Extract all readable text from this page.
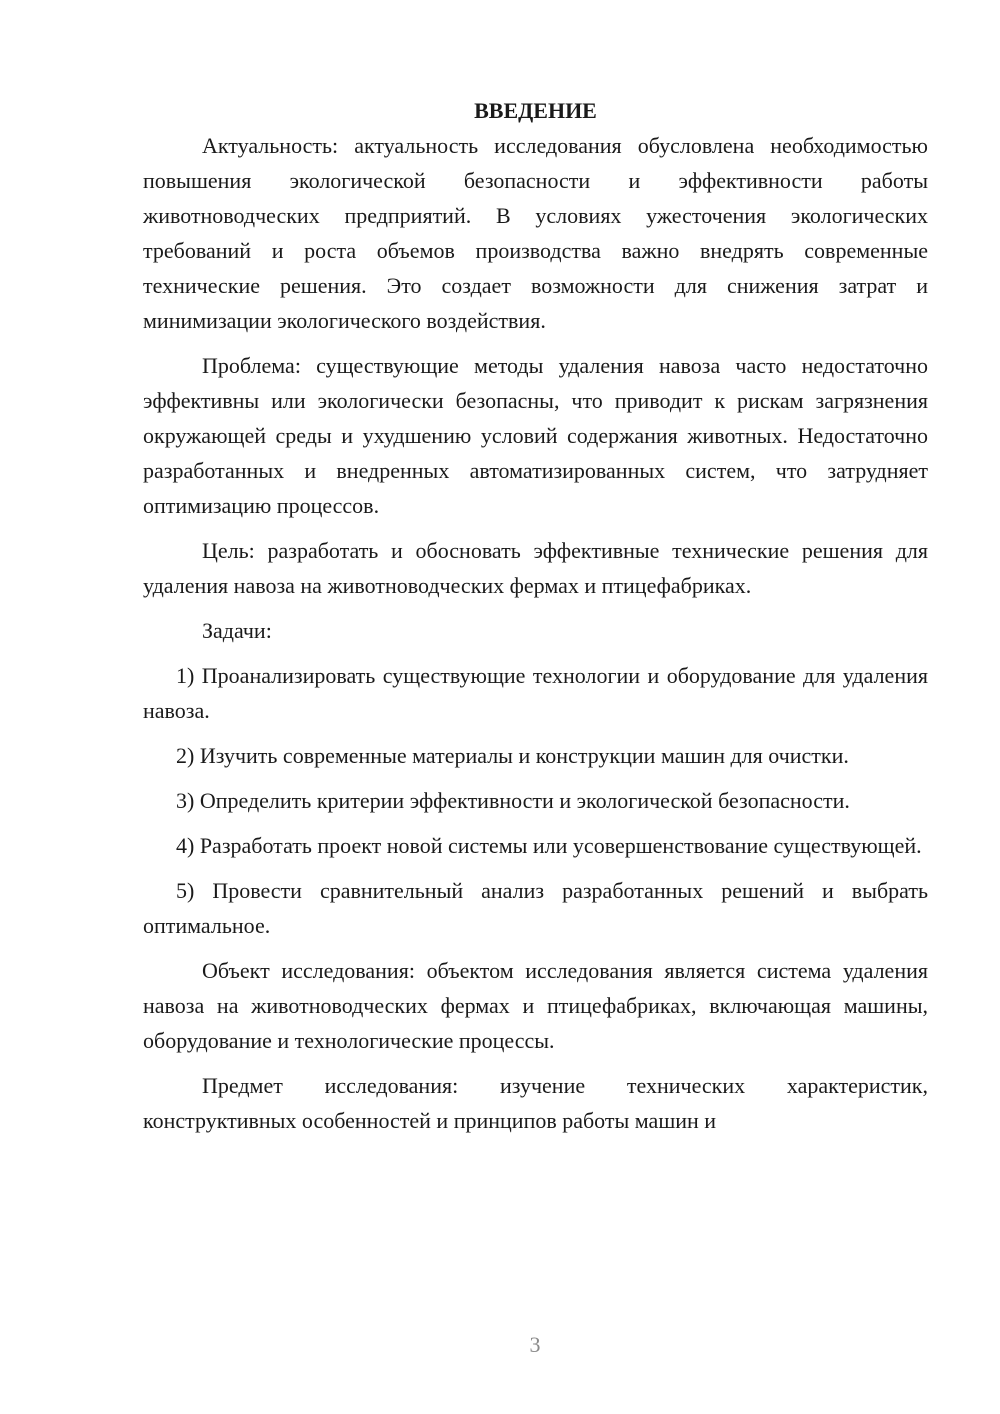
ВВЕДЕНИЕ

Актуальность: актуальность исследования обусловлена необходимостью повышения экологической безопасности и эффективности работы животноводческих предприятий. В условиях ужесточения экологических требований и роста объемов производства важно внедрять современные технические решения. Это создает возможности для снижения затрат и минимизации экологического воздействия.

Проблема: существующие методы удаления навоза часто недостаточно эффективны или экологически безопасны, что приводит к рискам загрязнения окружающей среды и ухудшению условий содержания животных. Недостаточно разработанных и внедренных автоматизированных систем, что затрудняет оптимизацию процессов.

Цель: разработать и обосновать эффективные технические решения для удаления навоза на животноводческих фермах и птицефабриках.

Задачи:

1) Проанализировать существующие технологии и оборудование для удаления навоза.

2) Изучить современные материалы и конструкции машин для очистки.

3) Определить критерии эффективности и экологической безопасности.

4) Разработать проект новой системы или усовершенствование существующей.

5) Провести сравнительный анализ разработанных решений и выбрать оптимальное.

Объект исследования: объектом исследования является система удаления навоза на животноводческих фермах и птицефабриках, включающая машины, оборудование и технологические процессы.

Предмет исследования: изучение технических характеристик, конструктивных особенностей и принципов работы машин и

3
